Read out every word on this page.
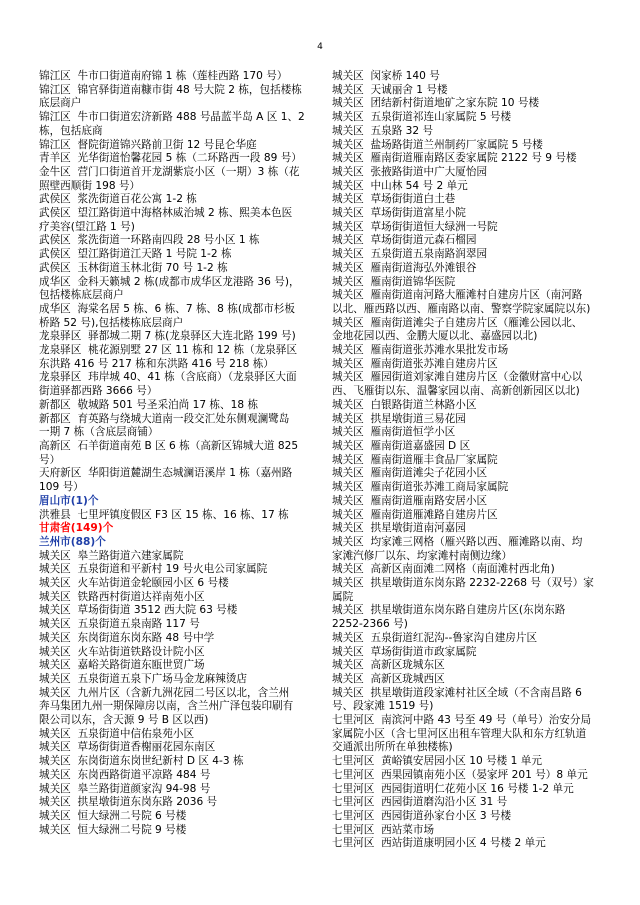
4
锦江区  牛市口街道南府锦 1 栋（莲桂西路 170 号）
锦江区  锦官驿街道南糠市街 48 号大院 2 栋，包括楼栋
底层商户
锦江区  牛市口街道宏济新路 488 号晶蓝半岛 A 区 1、2
栋，包括底商
锦江区  督院街道锦兴路前卫街 12 号昆仑华庭
青羊区  光华街道怡馨花园 5 栋（二环路西一段 89 号）
金牛区  营门口街道首开龙湖紫宸小区（一期）3 栋（花
照壁西顺街 198 号）
武侯区  浆洗街道百花公寓 1-2 栋
武侯区  望江路街道中海格林威治城 2 栋、熙美本色医
疗美容(望江路 1 号)
武侯区  浆洗街道一环路南四段 28 号小区 1 栋
武侯区  望江路街道江天路 1 号院 1-2 栋
武侯区  玉林街道玉林北街 70 号 1-2 栋
成华区  金科天籁城 2 栋(成都市成华区龙港路 36 号)，
包括楼栋底层商户
成华区  海棠名居 5 栋、6 栋、7 栋、8 栋(成都市杉板
桥路 52 号),包括楼栋底层商户
龙泉驿区  驿都城二期 7 栋(龙泉驿区大连北路 199 号)
龙泉驿区  桃花源别墅 27 区 11 栋和 12 栋（龙泉驿区
东洪路 416 号 217 栋和东洪路 416 号 218 栋）
龙泉驿区  玮岸城 40、41 栋（含底商）（龙泉驿区大面
街道驿都西路 3666 号）
新都区  敬城路 501 号圣采泊尚 17 栋、18 栋
新都区  育英路与绕城大道南一段交汇处东侧观澜鹭岛
一期 7 栋（含底层商铺）
高新区  石羊街道南苑 B 区 6 栋（高新区锦城大道 825
号）
天府新区  华阳街道麓湖生态城澜语溪岸 1 栋（嘉州路
109 号）
眉山市(1)个
洪雅县  七里坪镇度假区 F3 区 15 栋、16 栋、17 栋
甘肃省(149)个
兰州市(88)个
城关区  皋兰路街道六建家属院
城关区  五泉街道和平新村 19 号火电公司家属院
城关区  火车站街道金轮颐园小区 6 号楼
城关区  铁路西村街道达祥南苑小区
城关区  草场街街道 3512 西大院 63 号楼
城关区  五泉街道五泉南路 117 号
城关区  东岗街道东岗东路 48 号中学
城关区  火车站街道铁路设计院小区
城关区  嘉峪关路街道东瓯世贸广场
城关区  五泉街道五泉下广场马金龙麻辣烫店
城关区  九州片区（含新九洲花园二号区以北，含兰州
奔马集团九州一期保障房以南，含兰州广泽包装印刷有
限公司以东，含天源 9 号 B 区以西)
城关区  五泉街道中信佑泉苑小区
城关区  草场街街道香榭丽花园东南区
城关区  东岗街道东岗世纪新村 D 区 4-3 栋
城关区  东岗西路街道平凉路 484 号
城关区  皋兰路街道颜家沟 94-98 号
城关区  拱星墩街道东岗东路 2036 号
城关区  恒大绿洲二号院 6 号楼
城关区  恒大绿洲二号院 9 号楼
城关区  闵家桥 140 号
城关区  天诚丽舍 1 号楼
城关区  团结新村街道地矿之家东院 10 号楼
城关区  五泉街道祁连山家属院 5 号楼
城关区  五泉路 32 号
城关区  盐场路街道兰州制药厂家属院 5 号楼
城关区  雁南街道雁南路区委家属院 2122 号 9 号楼
城关区  张掖路街道中广大厦怡园
城关区  中山林 54 号 2 单元
城关区  草场街街道白土巷
城关区  草场街街道富星小院
城关区  草场街街道恒大绿洲一号院
城关区  草场街街道元森石榴园
城关区  五泉街道五泉南路润翠园
城关区  雁南街道海弘外滩银谷
城关区  雁南街道锦华医院
城关区  雁南街道南河路大雁滩村自建房片区（南河路
以北、雁西路以西、雁南路以南、警察学院家属院以东)
城关区  雁南街道滩尖子自建房片区（雁滩公园以北、
金地花园以西、金鹏大厦以北、嘉盛园以北)
城关区  雁南街道张苏滩水果批发市场
城关区  雁南街道张苏滩自建房片区
城关区  雁园街道刘家滩自建房片区（金徽财富中心以
西、飞雁街以东、温馨家园以南、高新创新园区以北)
城关区  白银路街道兰林路小区
城关区  拱星墩街道三易花园
城关区  雁南街道恒学小区
城关区  雁南街道嘉盛园 D 区
城关区  雁南街道雁丰食品厂家属院
城关区  雁南街道滩尖子花园小区
城关区  雁南街道张苏滩工商局家属院
城关区  雁南街道雁南路安居小区
城关区  雁南街道雁滩路自建房片区
城关区  拱星墩街道南河嘉园
城关区  均家滩三网格（雁兴路以西、雁滩路以南、均
家滩汽修厂以东、均家滩村南侧边缘）
城关区  高新区南面滩二网格（南面滩村西北角)
城关区  拱星墩街道东岗东路 2232-2268 号（双号）家属院
城关区  拱星墩街道东岗东路自建房片区(东岗东路
2252-2366 号)
城关区  五泉街道红泥沟--鲁家沟自建房片区
城关区  草场街街道市政家属院
城关区  高新区珑城东区
城关区  高新区珑城西区
城关区  拱星墩街道段家滩村社区全域（不含南昌路 6
号、段家滩 1519 号)
七里河区  南滨河中路 43 号至 49 号（单号）治安分局
家属院小区（含七里河区出租车管理大队和东方红轨道
交通派出所所在单独楼栋)
七里河区  黄峪镇安居园小区 10 号楼 1 单元
七里河区  西果园镇南苑小区（晏家坪 201 号）8 单元
七里河区  西园街道明仁花苑小区 16 号楼 1-2 单元
七里河区  西园街道磨沟沿小区 31 号
七里河区  西园街道孙家台小区 3 号楼
七里河区  西站菜市场
七里河区  西站街道康明园小区 4 号楼 2 单元
